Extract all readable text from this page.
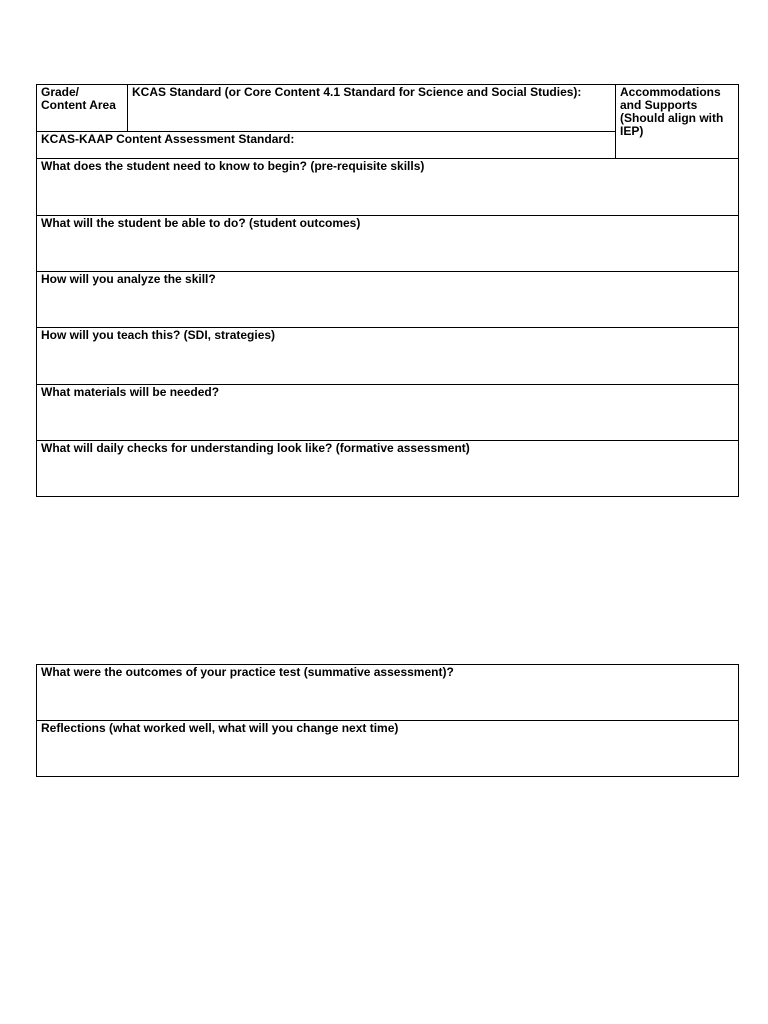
Grade/
Content Area
KCAS Standard (or Core Content 4.1 Standard for Science and Social Studies):	Accommodations
and Supports
(Should align with
IEP)
KCAS-KAAP Content Assessment Standard:
What does the student need to know to begin? (pre-requisite skills)
What will the student be able to do? (student outcomes)
How will you analyze the skill?
How will you teach this? (SDI, strategies)
What materials will be needed?
What will daily checks for understanding look like? (formative assessment)
What were the outcomes of your practice test (summative assessment)?
Reflections (what worked well, what will you change next time)
